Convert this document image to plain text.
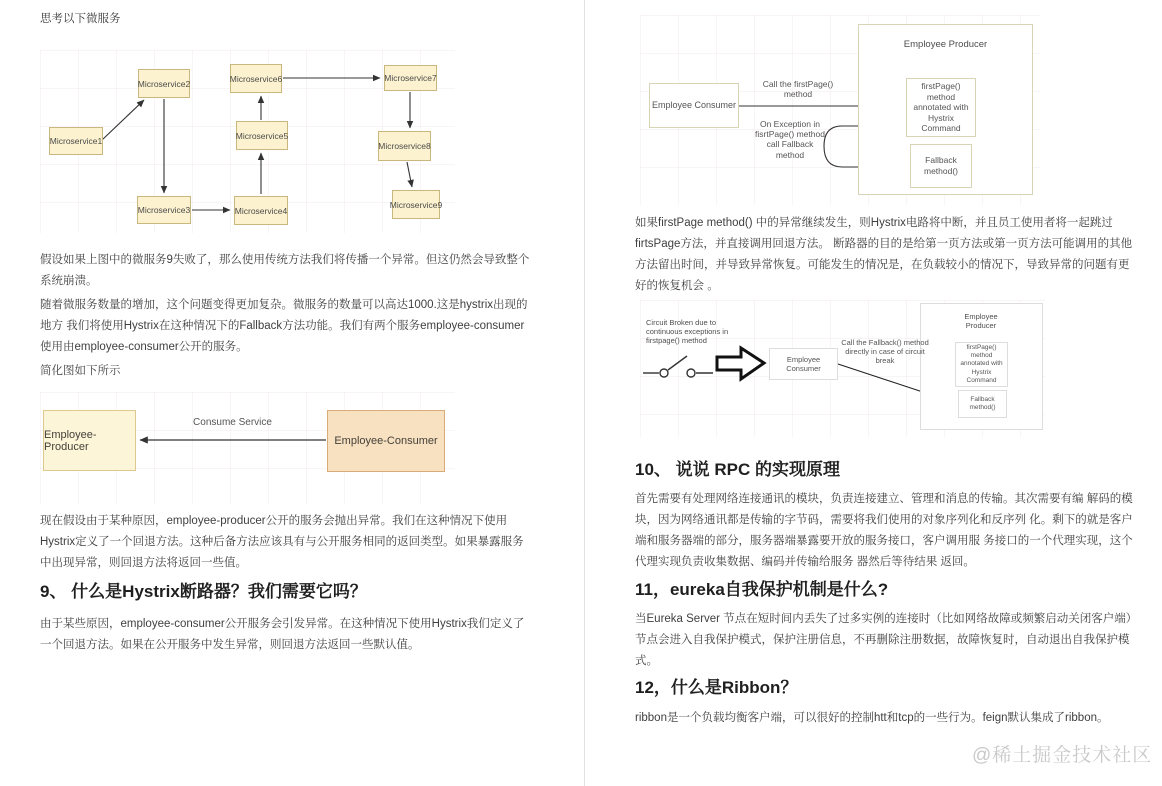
思考以下微服务

Microservice1
Microservice2
Microservice3	Microservice4
Microservice5
Microservice6	Microservice7
Microservice8
Microservice9

假设如果上图中的微服务9失败了，那么使用传统方法我们将传播一个异常。但这仍然会导致整个系统崩溃。

随着微服务数量的增加，这个问题变得更加复杂。微服务的数量可以高达1000.这是hystrix出现的地方 我们将使用Hystrix在这种情况下的Fallback方法功能。我们有两个服务employee-consumer使用由employee-consumer公开的服务。

简化图如下所示

Employee-Producer	Employee-Consumer
Consume Service

现在假设由于某种原因，employee-producer公开的服务会抛出异常。我们在这种情况下使用Hystrix定义了一个回退方法。这种后备方法应该具有与公开服务相同的返回类型。如果暴露服务中出现异常，则回退方法将返回一些值。

9、 什么是Hystrix断路器？我们需要它吗？

由于某些原因，employee-consumer公开服务会引发异常。在这种情况下使用Hystrix我们定义了一个回退方法。如果在公开服务中发生异常，则回退方法返回一些默认值。

Employee Producer
Employee Consumer
firstPage() method annotated with Hystrix Command
Fallback method()
Call the firstPage() method
On Exception in fisrtPage() method call Fallback method

如果firstPage method() 中的异常继续发生，则Hystrix电路将中断，并且员工使用者将一起跳过firtsPage方法，并直接调用回退方法。 断路器的目的是给第一页方法或第一页方法可能调用的其他方法留出时间，并导致异常恢复。可能发生的情况是，在负载较小的情况下，导致异常的问题有更好的恢复机会 。

Circuit Broken due to continuous exceptions in firstpage() method
Employee Consumer
Employee Producer
firstPage() method annotated with Hystrix Command
Fallback method()
Call the Fallback() method directly in case of circuit break
10、 说说 RPC 的实现原理

首先需要有处理网络连接通讯的模块，负责连接建立、管理和消息的传输。其次需要有编 解码的模块，因为网络通讯都是传输的字节码，需要将我们使用的对象序列化和反序列 化。剩下的就是客户端和服务器端的部分，服务器端暴露要开放的服务接口，客户调用服 务接口的一个代理实现，这个代理实现负责收集数据、编码并传输给服务 器然后等待结果 返回。

11，eureka自我保护机制是什么?

当Eureka Server 节点在短时间内丢失了过多实例的连接时（比如网络故障或频繁启动关闭客户端）节点会进入自我保护模式，保护注册信息，不再删除注册数据，故障恢复时，自动退出自我保护模式。

12，什么是Ribbon？

ribbon是一个负载均衡客户端，可以很好的控制htt和tcp的一些行为。feign默认集成了ribbon。

@稀土掘金技术社区
